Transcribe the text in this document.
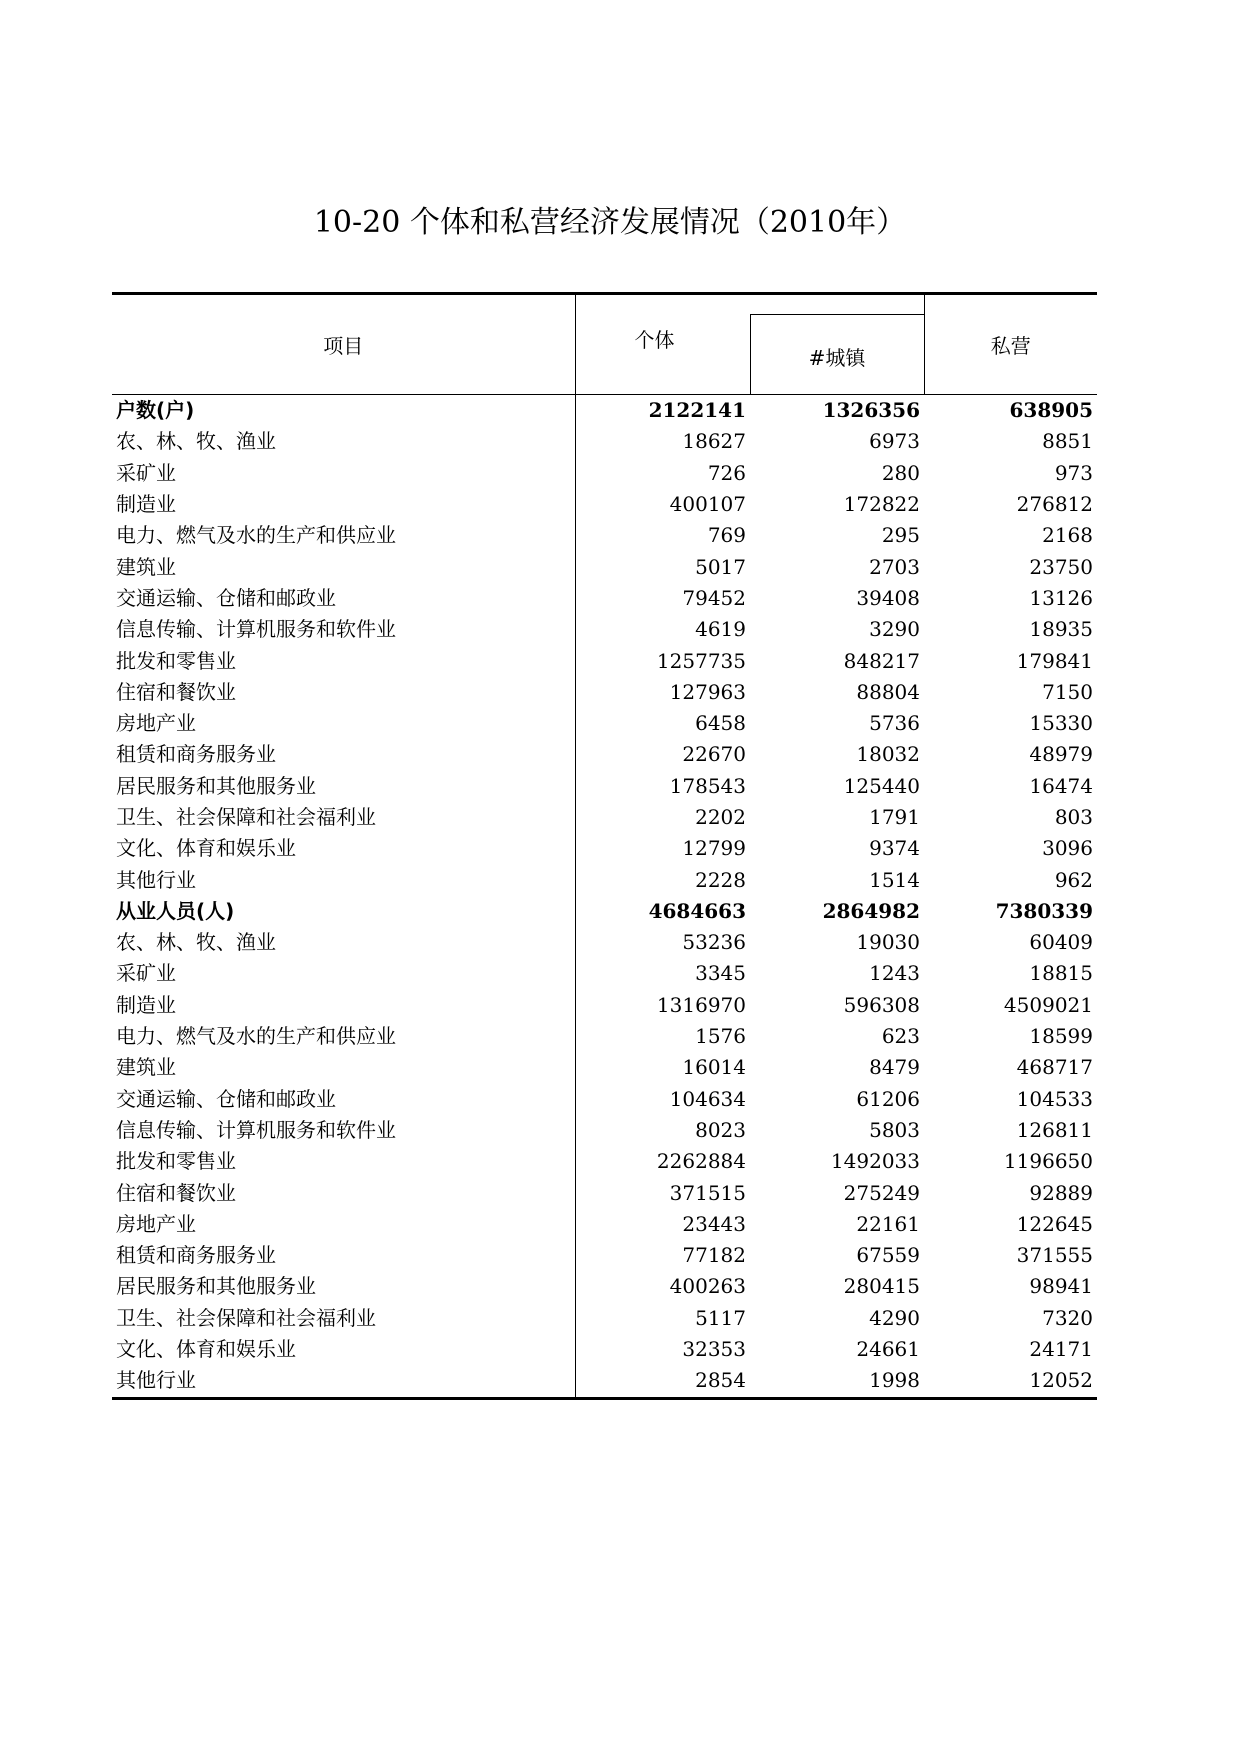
10-20 个体和私营经济发展情况（2010年）
项目	个体		
		#城镇	私营
户数(户)	2122141	1326356	638905
农、林、牧、渔业	18627	6973	8851
采矿业	726	280	973
制造业	400107	172822	276812
电力、燃气及水的生产和供应业	769	295	2168
建筑业	5017	2703	23750
交通运输、仓储和邮政业	79452	39408	13126
信息传输、计算机服务和软件业	4619	3290	18935
批发和零售业	1257735	848217	179841
住宿和餐饮业	127963	88804	7150
房地产业	6458	5736	15330
租赁和商务服务业	22670	18032	48979
居民服务和其他服务业	178543	125440	16474
卫生、社会保障和社会福利业	2202	1791	803
文化、体育和娱乐业	12799	9374	3096
其他行业	2228	1514	962
从业人员(人)	4684663	2864982	7380339
农、林、牧、渔业	53236	19030	60409
采矿业	3345	1243	18815
制造业	1316970	596308	4509021
电力、燃气及水的生产和供应业	1576	623	18599
建筑业	16014	8479	468717
交通运输、仓储和邮政业	104634	61206	104533
信息传输、计算机服务和软件业	8023	5803	126811
批发和零售业	2262884	1492033	1196650
住宿和餐饮业	371515	275249	92889
房地产业	23443	22161	122645
租赁和商务服务业	77182	67559	371555
居民服务和其他服务业	400263	280415	98941
卫生、社会保障和社会福利业	5117	4290	7320
文化、体育和娱乐业	32353	24661	24171
其他行业	2854	1998	12052
